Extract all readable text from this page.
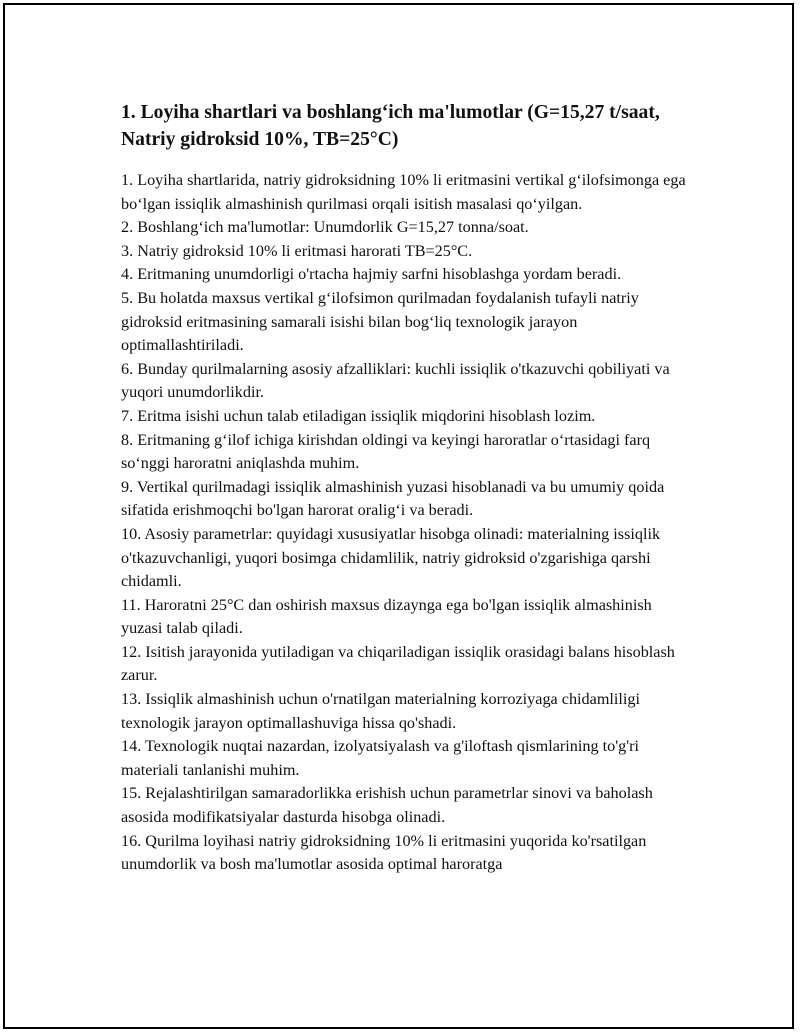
1. Loyiha shartlari va boshlang‘ich ma'lumotlar (G=15,27 t/saat, Natriy gidroksid 10%, TB=25°C)

1. Loyiha shartlarida, natriy gidroksidning 10% li eritmasini vertikal g‘ilofsimonga ega bo‘lgan issiqlik almashinish qurilmasi orqali isitish masalasi qo‘yilgan.

2. Boshlang‘ich ma'lumotlar: Unumdorlik G=15,27 tonna/soat.

3. Natriy gidroksid 10% li eritmasi harorati TB=25°C.

4. Eritmaning unumdorligi o'rtacha hajmiy sarfni hisoblashga yordam beradi.

5. Bu holatda maxsus vertikal g‘ilofsimon qurilmadan foydalanish tufayli natriy gidroksid eritmasining samarali isishi bilan bog‘liq texnologik jarayon optimallashtiriladi.

6. Bunday qurilmalarning asosiy afzalliklari: kuchli issiqlik o'tkazuvchi qobiliyati va yuqori unumdorlikdir.

7. Eritma isishi uchun talab etiladigan issiqlik miqdorini hisoblash lozim.

8. Eritmaning g‘ilof ichiga kirishdan oldingi va keyingi haroratlar o‘rtasidagi farq so‘nggi haroratni aniqlashda muhim.

9. Vertikal qurilmadagi issiqlik almashinish yuzasi hisoblanadi va bu umumiy qoida sifatida erishmoqchi bo'lgan harorat oralig‘i va beradi.

10. Asosiy parametrlar: quyidagi xususiyatlar hisobga olinadi: materialning issiqlik o'tkazuvchanligi, yuqori bosimga chidamlilik, natriy gidroksid o'zgarishiga qarshi chidamli.

11. Haroratni 25°C dan oshirish maxsus dizaynga ega bo'lgan issiqlik almashinish yuzasi talab qiladi.

12. Isitish jarayonida yutiladigan va chiqariladigan issiqlik orasidagi balans hisoblash zarur.

13. Issiqlik almashinish uchun o'rnatilgan materialning korroziyaga chidamliligi texnologik jarayon optimallashuviga hissa qo'shadi.

14. Texnologik nuqtai nazardan, izolyatsiyalash va g'iloftash qismlarining to'g'ri materiali tanlanishi muhim.

15. Rejalashtirilgan samaradorlikka erishish uchun parametrlar sinovi va baholash asosida modifikatsiyalar dasturda hisobga olinadi.

16. Qurilma loyihasi natriy gidroksidning 10% li eritmasini yuqorida ko'rsatilgan unumdorlik va bosh ma'lumotlar asosida optimal haroratga
